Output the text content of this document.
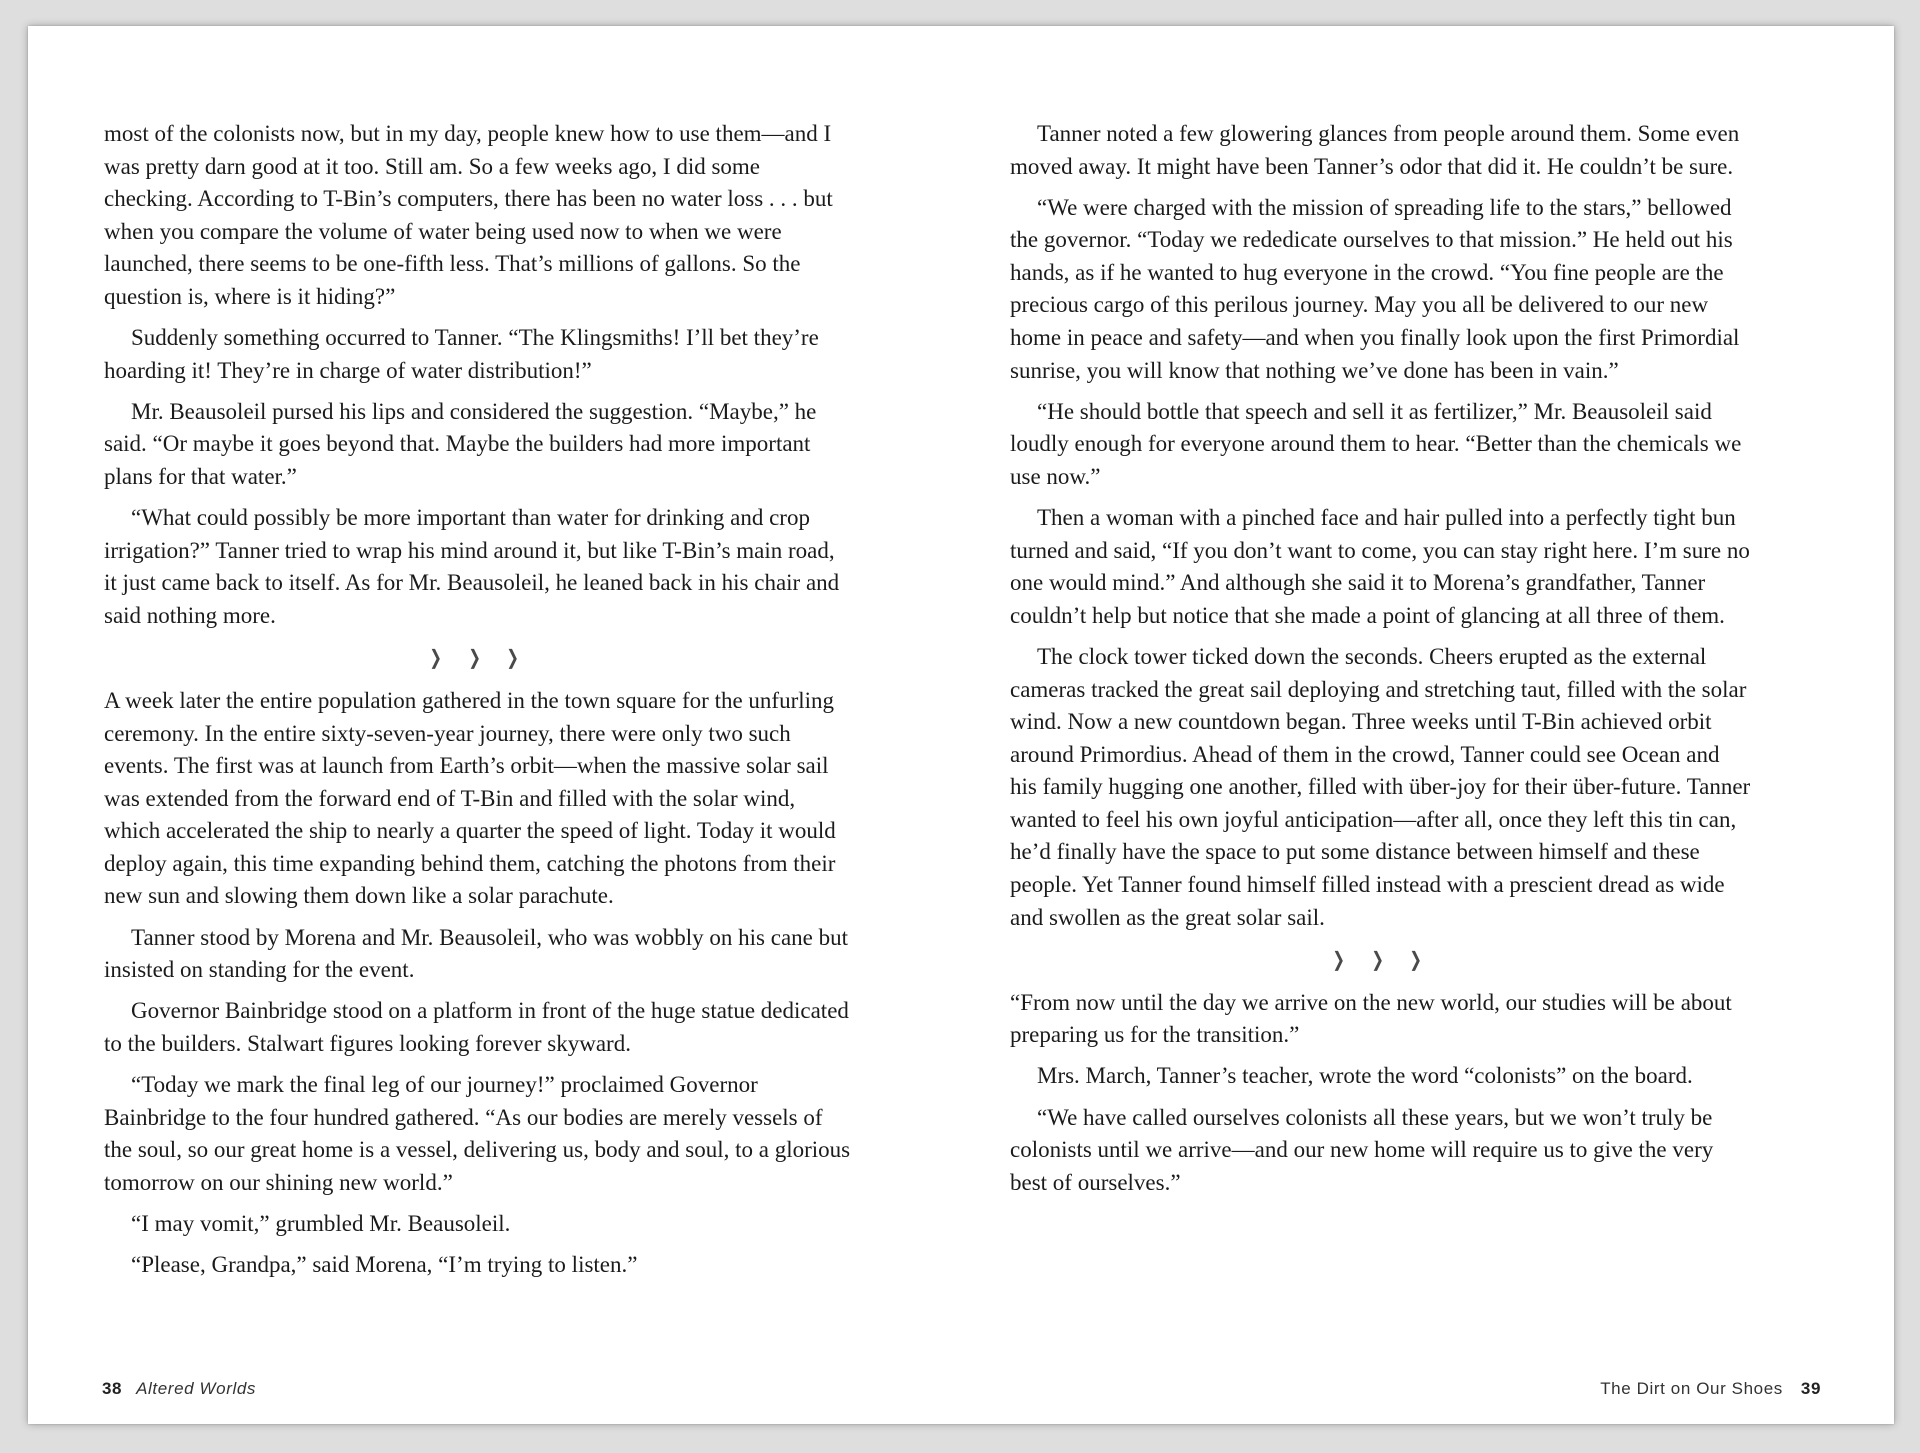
most of the colonists now, but in my day, people knew how to use them—and I was pretty darn good at it too. Still am. So a few weeks ago, I did some checking. According to T-Bin’s computers, there has been no water loss . . . but when you compare the volume of water being used now to when we were launched, there seems to be one-fifth less. That’s millions of gallons. So the question is, where is it hiding?”

Suddenly something occurred to Tanner. “The Klingsmiths! I’ll bet they’re hoarding it! They’re in charge of water distribution!”

Mr. Beausoleil pursed his lips and considered the suggestion. “Maybe,” he said. “Or maybe it goes beyond that. Maybe the builders had more important plans for that water.”

“What could possibly be more important than water for drinking and crop irrigation?” Tanner tried to wrap his mind around it, but like T-Bin’s main road, it just came back to itself. As for Mr. Beausoleil, he leaned back in his chair and said nothing more.

❯ ❯ ❯

A week later the entire population gathered in the town square for the unfurling ceremony. In the entire sixty-seven-year journey, there were only two such events. The first was at launch from Earth’s orbit—when the massive solar sail was extended from the forward end of T-Bin and filled with the solar wind, which accelerated the ship to nearly a quarter the speed of light. Today it would deploy again, this time expanding behind them, catching the photons from their new sun and slowing them down like a solar parachute.

Tanner stood by Morena and Mr. Beausoleil, who was wobbly on his cane but insisted on standing for the event.

Governor Bainbridge stood on a platform in front of the huge statue dedicated to the builders. Stalwart figures looking forever skyward.

“Today we mark the final leg of our journey!” proclaimed Governor Bainbridge to the four hundred gathered. “As our bodies are merely vessels of the soul, so our great home is a vessel, delivering us, body and soul, to a glorious tomorrow on our shining new world.”

“I may vomit,” grumbled Mr. Beausoleil.

“Please, Grandpa,” said Morena, “I’m trying to listen.”

38 Altered Worlds

Tanner noted a few glowering glances from people around them. Some even moved away. It might have been Tanner’s odor that did it. He couldn’t be sure.

“We were charged with the mission of spreading life to the stars,” bellowed the governor. “Today we rededicate ourselves to that mission.” He held out his hands, as if he wanted to hug everyone in the crowd. “You fine people are the precious cargo of this perilous journey. May you all be delivered to our new home in peace and safety—and when you finally look upon the first Primordial sunrise, you will know that nothing we’ve done has been in vain.”

“He should bottle that speech and sell it as fertilizer,” Mr. Beausoleil said loudly enough for everyone around them to hear. “Better than the chemicals we use now.”

Then a woman with a pinched face and hair pulled into a perfectly tight bun turned and said, “If you don’t want to come, you can stay right here. I’m sure no one would mind.” And although she said it to Morena’s grandfather, Tanner couldn’t help but notice that she made a point of glancing at all three of them.

The clock tower ticked down the seconds. Cheers erupted as the external cameras tracked the great sail deploying and stretching taut, filled with the solar wind. Now a new countdown began. Three weeks until T-Bin achieved orbit around Primordius. Ahead of them in the crowd, Tanner could see Ocean and his family hugging one another, filled with über-joy for their über-future. Tanner wanted to feel his own joyful anticipation—after all, once they left this tin can, he’d finally have the space to put some distance between himself and these people. Yet Tanner found himself filled instead with a prescient dread as wide and swollen as the great solar sail.

❯ ❯ ❯

“From now until the day we arrive on the new world, our studies will be about preparing us for the transition.”

Mrs. March, Tanner’s teacher, wrote the word “colonists” on the board.

“We have called ourselves colonists all these years, but we won’t truly be colonists until we arrive—and our new home will require us to give the very best of ourselves.”

The Dirt on Our Shoes 39
